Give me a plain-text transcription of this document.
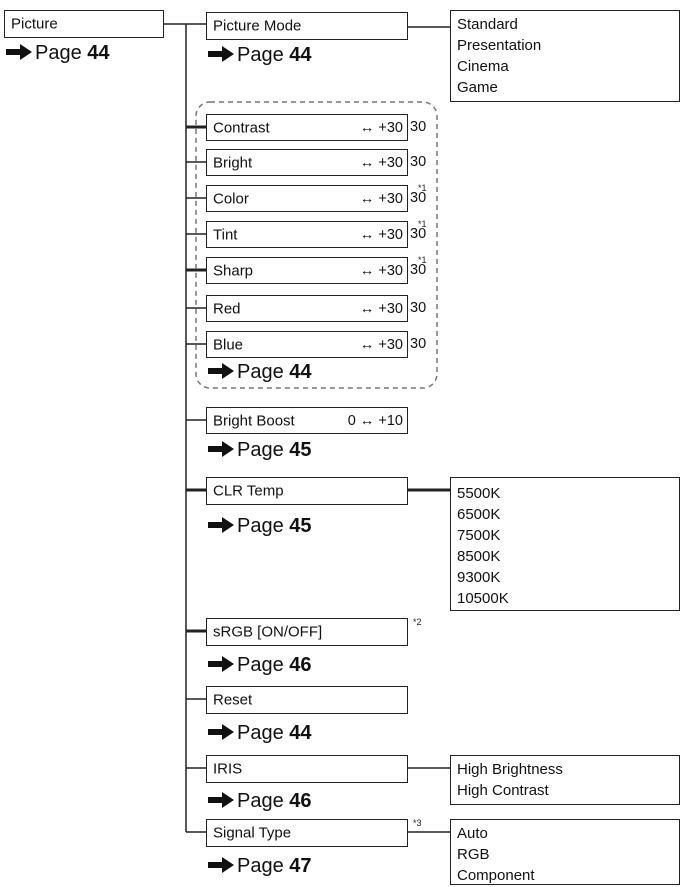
Picture
Page 44
Picture Mode
Page 44
Standard
Presentation
Cinema
Game
Contrast	↔ +30
Bright	↔ +30
Color	↔ +30
Tint	↔ +30
Sharp	↔ +30
Red	↔ +30
Blue	↔ +30
30
30
30
30
30
30
30
*1
*1
*1
Page 44
Bright Boost	0 ↔ +10
Page 45
CLR Temp
Page 45
5500K
6500K
7500K
8500K
9300K
10500K
sRGB [ON/OFF]
*2
Page 46
Reset
Page 44
IRIS
Page 46
High Brightness
High Contrast
Signal Type
*3
Page 47
Auto
RGB
Component
